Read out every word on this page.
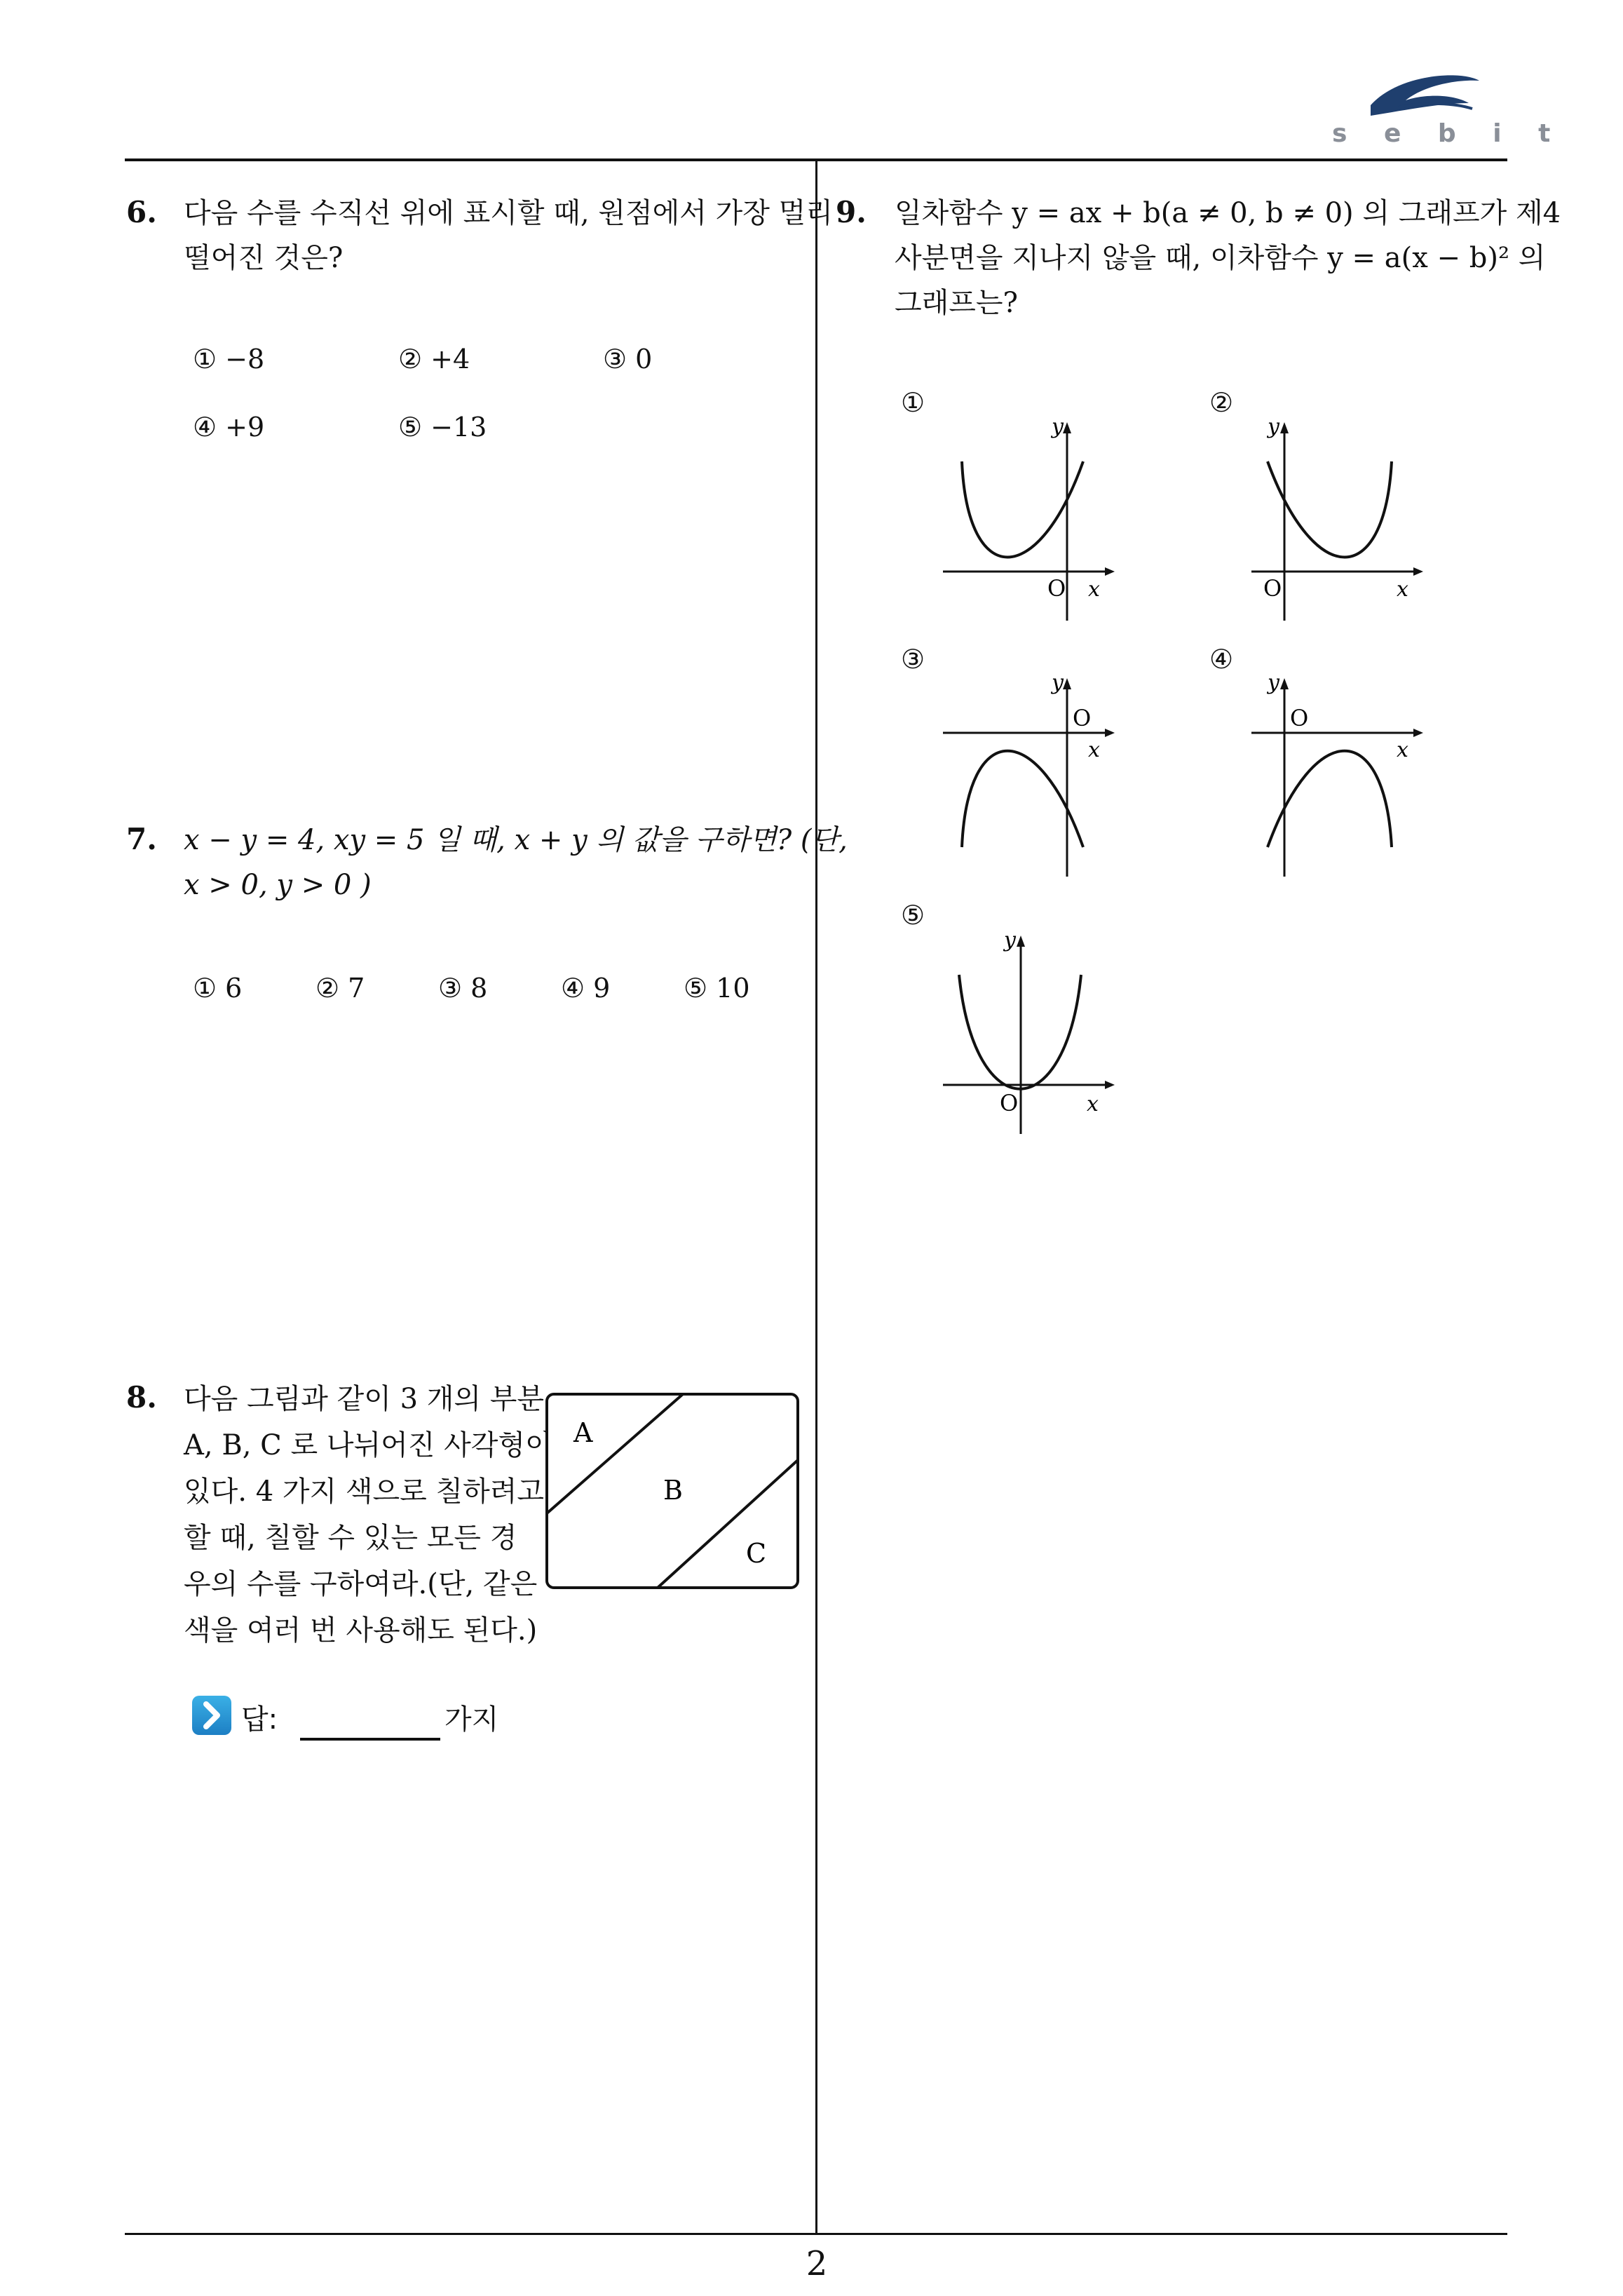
s e b i t
2
6. 다음 수를 수직선 위에 표시할 때, 원점에서 가장 멀리
떨어진 것은?
① −8	② +4	③ 0
④ +9	⑤ −13
7. x − y = 4, xy = 5 일 때, x + y 의 값을 구하면? (단,
x > 0, y > 0 )
① 6	② 7	③ 8	④ 9	⑤ 10
8. 다음 그림과 같이 3 개의 부분
A, B, C 로 나뉘어진 사각형이
있다. 4 가지 색으로 칠하려고
할 때, 칠할 수 있는 모든 경
우의 수를 구하여라.(단, 같은
색을 여러 번 사용해도 된다.)
A
B
C
답:	가지
9. 일차함수 y = ax + b(a ≠ 0, b ≠ 0) 의 그래프가 제4
사분면을 지나지 않을 때, 이차함수 y = a(x − b)² 의
그래프는?
①
y
O x
②
y
O	x
③
y
O
x
④
y
O
x
⑤
y
O	x
